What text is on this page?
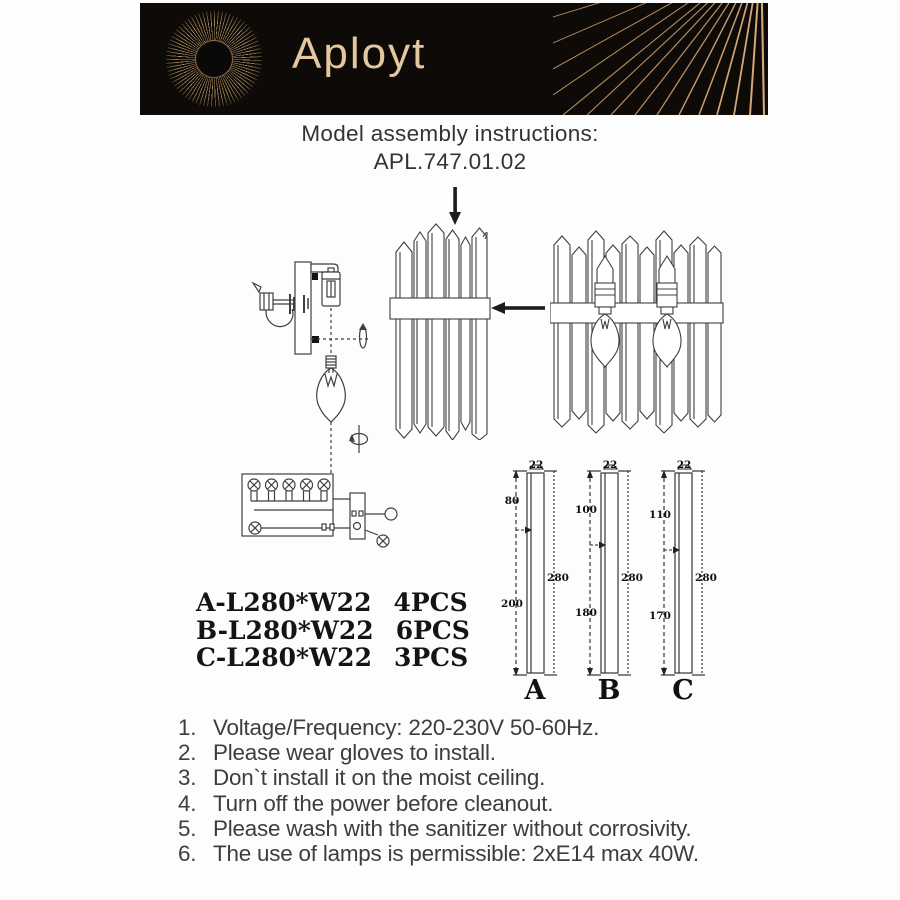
Aployt
Model assembly instructions:
APL.747.01.02
22
80
200
280
A
22
100
180
280
B
22
110
170
280
C
A-L280*W22 4PCS
B-L280*W22 6PCS
C-L280*W22 3PCS
1. Voltage/Frequency: 220-230V 50-60Hz.
2. Please wear gloves to install.
3. Don`t install it on the moist ceiling.
4. Turn off the power before cleanout.
5. Please wash with the sanitizer without corrosivity.
6. The use of lamps is permissible: 2xE14 max 40W.
